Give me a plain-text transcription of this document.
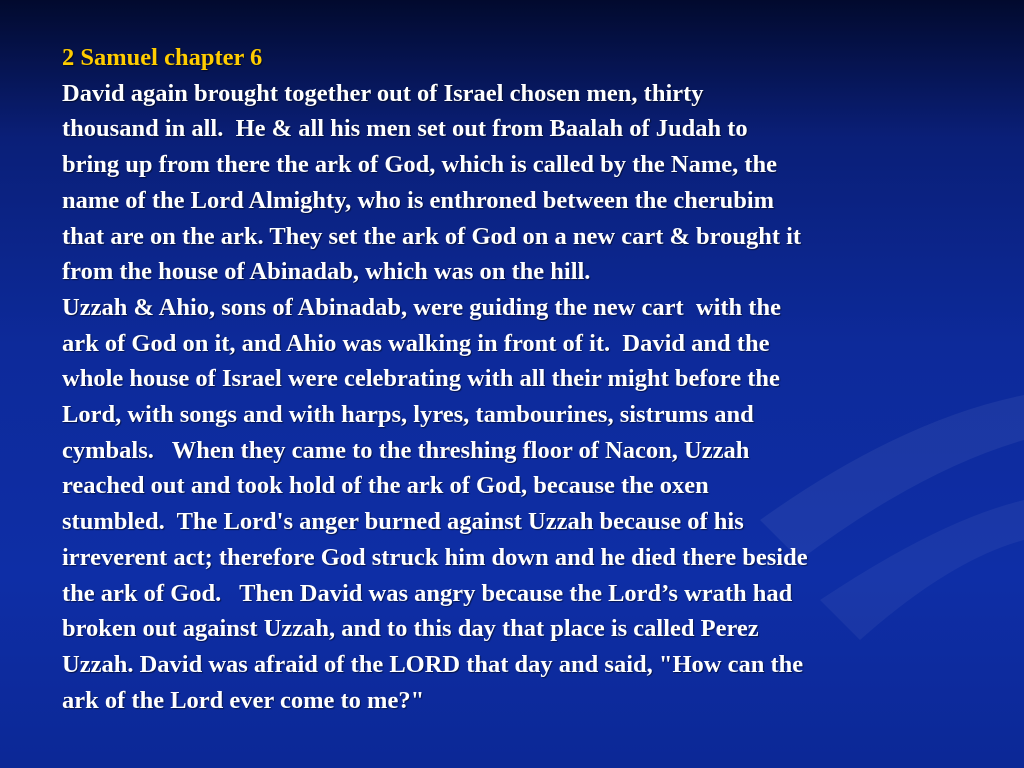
2 Samuel chapter 6
David again brought together out of Israel chosen men, thirty
thousand in all.  He & all his men set out from Baalah of Judah to
bring up from there the ark of God, which is called by the Name, the
name of the Lord Almighty, who is enthroned between the cherubim
that are on the ark. They set the ark of God on a new cart & brought it
from the house of Abinadab, which was on the hill.
Uzzah & Ahio, sons of Abinadab, were guiding the new cart  with the
ark of God on it, and Ahio was walking in front of it.  David and the
whole house of Israel were celebrating with all their might before the
Lord, with songs and with harps, lyres, tambourines, sistrums and
cymbals.   When they came to the threshing floor of Nacon, Uzzah
reached out and took hold of the ark of God, because the oxen
stumbled.  The Lord's anger burned against Uzzah because of his
irreverent act; therefore God struck him down and he died there beside
the ark of God.   Then David was angry because the Lord’s wrath had
broken out against Uzzah, and to this day that place is called Perez
Uzzah. David was afraid of the LORD that day and said, "How can the
ark of the Lord ever come to me?"
